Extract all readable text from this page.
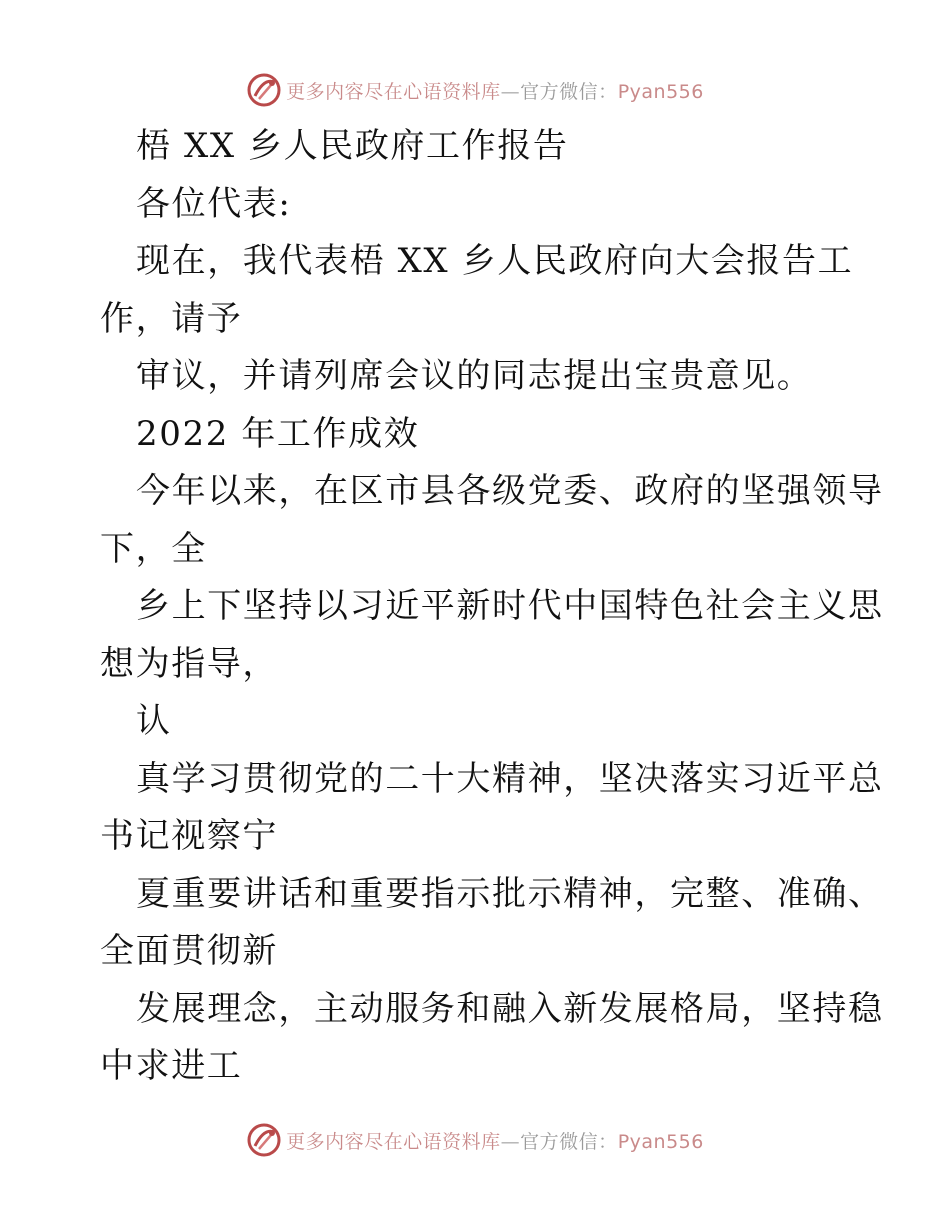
更多内容尽在心语资料库—官方微信：Pyan556
梧 XX 乡人民政府工作报告
各位代表:
现在，我代表梧 XX 乡人民政府向大会报告工
作，请予
审议，并请列席会议的同志提出宝贵意见。
2022 年工作成效
今年以来，在区市县各级党委、政府的坚强领导
下，全
乡上下坚持以习近平新时代中国特色社会主义思
想为指导，
认
真学习贯彻党的二十大精神，坚决落实习近平总
书记视察宁
夏重要讲话和重要指示批示精神，完整、准确、
全面贯彻新
发展理念，主动服务和融入新发展格局，坚持稳
中求进工
更多内容尽在心语资料库—官方微信：Pyan556
